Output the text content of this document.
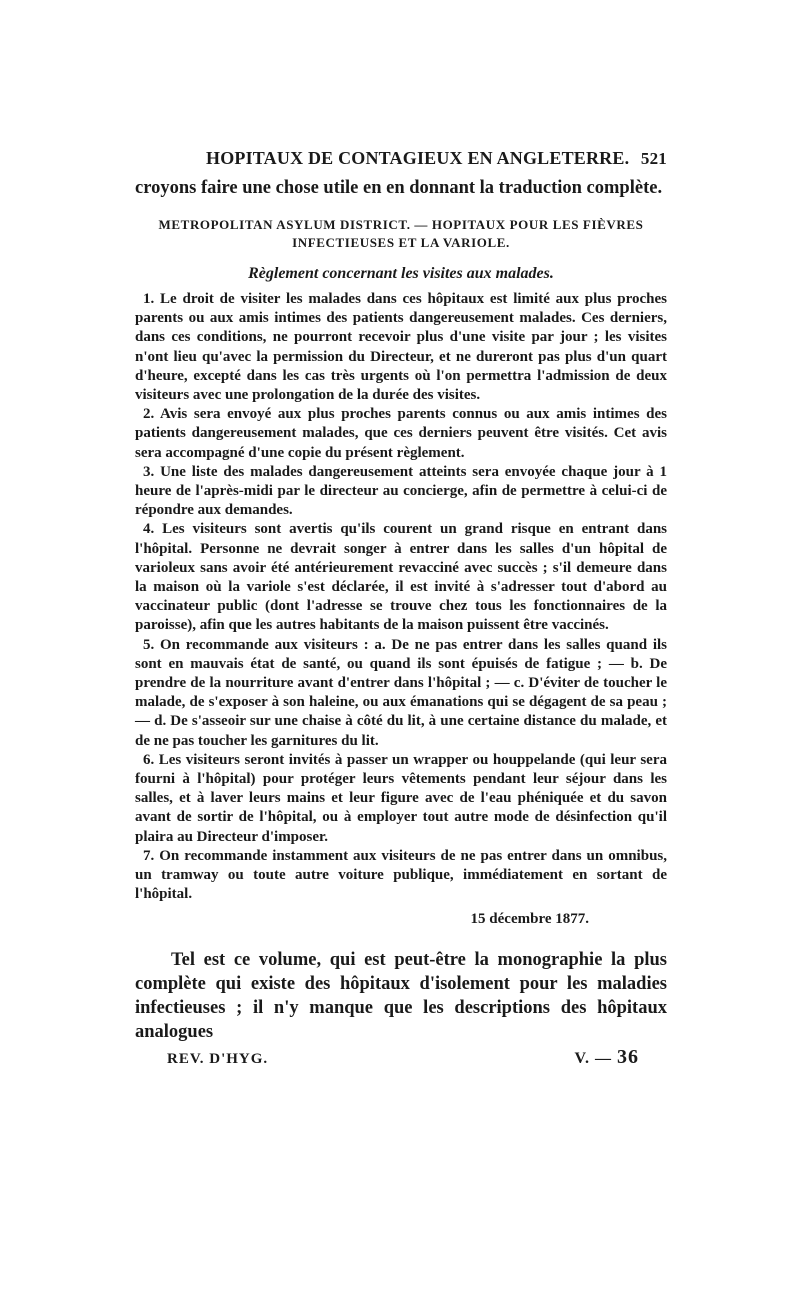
HOPITAUX DE CONTAGIEUX EN ANGLETERRE. 521

croyons faire une chose utile en en donnant la traduction complète.

METROPOLITAN ASYLUM DISTRICT. — HOPITAUX POUR LES FIÈVRES
INFECTIEUSES ET LA VARIOLE.
Règlement concernant les visites aux malades.

1. Le droit de visiter les malades dans ces hôpitaux est limité aux plus proches parents ou aux amis intimes des patients dangereusement malades. Ces derniers, dans ces conditions, ne pourront recevoir plus d'une visite par jour ; les visites n'ont lieu qu'avec la permission du Directeur, et ne dureront pas plus d'un quart d'heure, excepté dans les cas très urgents où l'on permettra l'admission de deux visiteurs avec une prolongation de la durée des visites.

2. Avis sera envoyé aux plus proches parents connus ou aux amis intimes des patients dangereusement malades, que ces derniers peuvent être visités. Cet avis sera accompagné d'une copie du présent règlement.

3. Une liste des malades dangereusement atteints sera envoyée chaque jour à 1 heure de l'après-midi par le directeur au concierge, afin de permettre à celui-ci de répondre aux demandes.

4. Les visiteurs sont avertis qu'ils courent un grand risque en entrant dans l'hôpital. Personne ne devrait songer à entrer dans les salles d'un hôpital de varioleux sans avoir été antérieurement revacciné avec succès ; s'il demeure dans la maison où la variole s'est déclarée, il est invité à s'adresser tout d'abord au vaccinateur public (dont l'adresse se trouve chez tous les fonctionnaires de la paroisse), afin que les autres habitants de la maison puissent être vaccinés.

5. On recommande aux visiteurs : a. De ne pas entrer dans les salles quand ils sont en mauvais état de santé, ou quand ils sont épuisés de fatigue ; — b. De prendre de la nourriture avant d'entrer dans l'hôpital ; — c. D'éviter de toucher le malade, de s'exposer à son haleine, ou aux émanations qui se dégagent de sa peau ; — d. De s'asseoir sur une chaise à côté du lit, à une certaine distance du malade, et de ne pas toucher les garnitures du lit.

6. Les visiteurs seront invités à passer un wrapper ou houppelande (qui leur sera fourni à l'hôpital) pour protéger leurs vêtements pendant leur séjour dans les salles, et à laver leurs mains et leur figure avec de l'eau phéniquée et du savon avant de sortir de l'hôpital, ou à employer tout autre mode de désinfection qu'il plaira au Directeur d'imposer.

7. On recommande instamment aux visiteurs de ne pas entrer dans un omnibus, un tramway ou toute autre voiture publique, immédiatement en sortant de l'hôpital.

15 décembre 1877.

Tel est ce volume, qui est peut-être la monographie la plus complète qui existe des hôpitaux d'isolement pour les maladies infectieuses ; il n'y manque que les descriptions des hôpitaux analogues

REV. D'HYG.	V. — 36
